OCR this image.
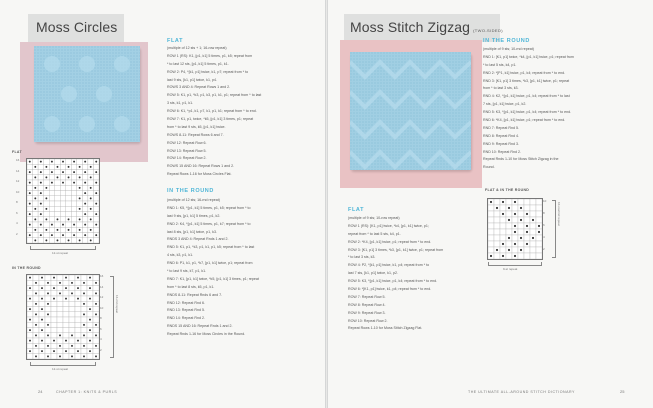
Moss Circles
FLAT
(multiple of 12 sts + 1; 16-row repeat)
ROW 1 (RS): K1, [p1, k1] 5 times, p1, k5; repeat from
* to last 12 sts, [p1, k1] 5 times, p1, k1.
ROW 2: P4, *[k1, p1] twice, k1, p7; repeat from * to
last 9 sts, [k1, p1] twice, k1, p4.
ROWS 3 AND 4: Repeat Rows 1 and 2.
ROW 5: K1, p1, *k3, p1, k3, p1, k1, p1; repeat from * to last
3 sts, k1, p1, k1.
ROW 6: K1, *p1, k1, p7, k1, p1, k1; repeat from * to end.
ROW 7: K1, p1, twice, *k5, [p1, k1] 3 times, p1; repeat
from * to last 9 sts, k5, [p1, k1] twice.
ROWS 8-11: Repeat Rows 6 and 7.
ROW 12: Repeat Row 6.
ROW 13: Repeat Row 5.
ROW 14: Repeat Row 2.
ROWS 15 AND 16: Repeat Rows 1 and 2.
Repeat Rows 1-16 for Moss Circles Flat.
IN THE ROUND
(multiple of 12 sts; 16-rnd repeat)
RND 1: K5, *[p1, k1] 5 times, p1, k5; repeat from * to
last 9 sts, [p1, k1] 5 times, p1, k2.
RND 2: K4, *[p1, k1] 5 times, p1, k7; repeat from * to
last 8 sts, [p1, k1] twice, p1, k3.
RNDS 3 AND 4: Repeat Rnds 1 and 2.
RND 5: K1, p1, *k3, p1, k1, p1, k5; repeat from * to last
4 sts, k3, p1, k1.
RND 6: P1, k1, p1, *k7, [p1, k1] twice, p1; repeat from
* to last 9 sts, k7, p1, k1.
RND 7: K1, [p1, k1] twice, *k5, [p1, k1] 3 times, p1; repeat
from * to last 8 sts, k5, p1, k1.
RNDS 8-11: Repeat Rnds 6 and 7.
RND 12: Repeat Rnd 6.
RND 13: Repeat Rnd 5.
RND 14: Repeat Rnd 2.
RNDS 15 AND 16: Repeat Rnds 1 and 2.
Repeat Rnds 1-16 for Moss Circles in the Round.
FLAT
16

14

12

10

8

6

4

2

12-st repeat
IN THE ROUND
16

14

12

10

8

6

4

2

16-rnd repeat
12-st repeat
24	CHAPTER 1: KNITS & PURLS
Moss Stitch Zigzag (TWO-SIDED)
IN THE ROUND
(multiple of 9 sts; 10-rnd repeat)
RND 1: [K1, p1] twice, *k4, [p1, k1] twice, p1; repeat from
* to last 5 sts, k4, p1.
RND 2: *[P1, k1] twice, p1, k4; repeat from * to end.
RND 3: [K1, p1] 3 times, *k3, [p1, k1] twice, p1; repeat
from * to last 3 sts, k3.
RND 4: K2, *[p1, k1] twice, p1, k4; repeat from * to last
7 sts, [p1, k1] twice, p1, k2.
RND 5: K3, *[p1, k1] twice, p1, k4; repeat from * to end.
RND 6: *K4, [p1, k1] twice, p1; repeat from * to end.
RND 7: Repeat Rnd 5.
RND 8: Repeat Rnd 4.
RND 9: Repeat Rnd 3.
RND 10: Repeat Rnd 2.
Repeat Rnds 1-10 for Moss Stitch Zigzag in the
Round.
FLAT
(multiple of 9 sts; 10-row repeat)
ROW 1 (RS): [K1, p1] twice, *k4, [p1, k1] twice, p1;
repeat from * to last 5 sts, k4, p1.
ROW 2: *K4, [p1, k1] twice, p1; repeat from * to end.
ROW 3: [K1, p1] 3 times, *k3, [p1, k1] twice, p1; repeat from
* to last 3 sts, k3.
ROW 4: P2, *[k1, p1] twice, k1, p4; repeat from * to
last 7 sts, [k1, p1] twice, k1, p2.
ROW 5: K3, *[p1, k1] twice, p1, k4; repeat from * to end.
ROW 6: *[K1, p1] twice, k1, p4; repeat from * to end.
ROW 7: Repeat Row 5.
ROW 8: Repeat Row 4.
ROW 9: Repeat Row 3.
ROW 10: Repeat Row 2.
Repeat Rows 1-10 for Moss Stitch Zigzag Flat.
FLAT & IN THE ROUND
10

8

6

4

2

10-row/rnd repeat
9-st repeat
THE ULTIMATE ALL-AROUND STITCH DICTIONARY	25
